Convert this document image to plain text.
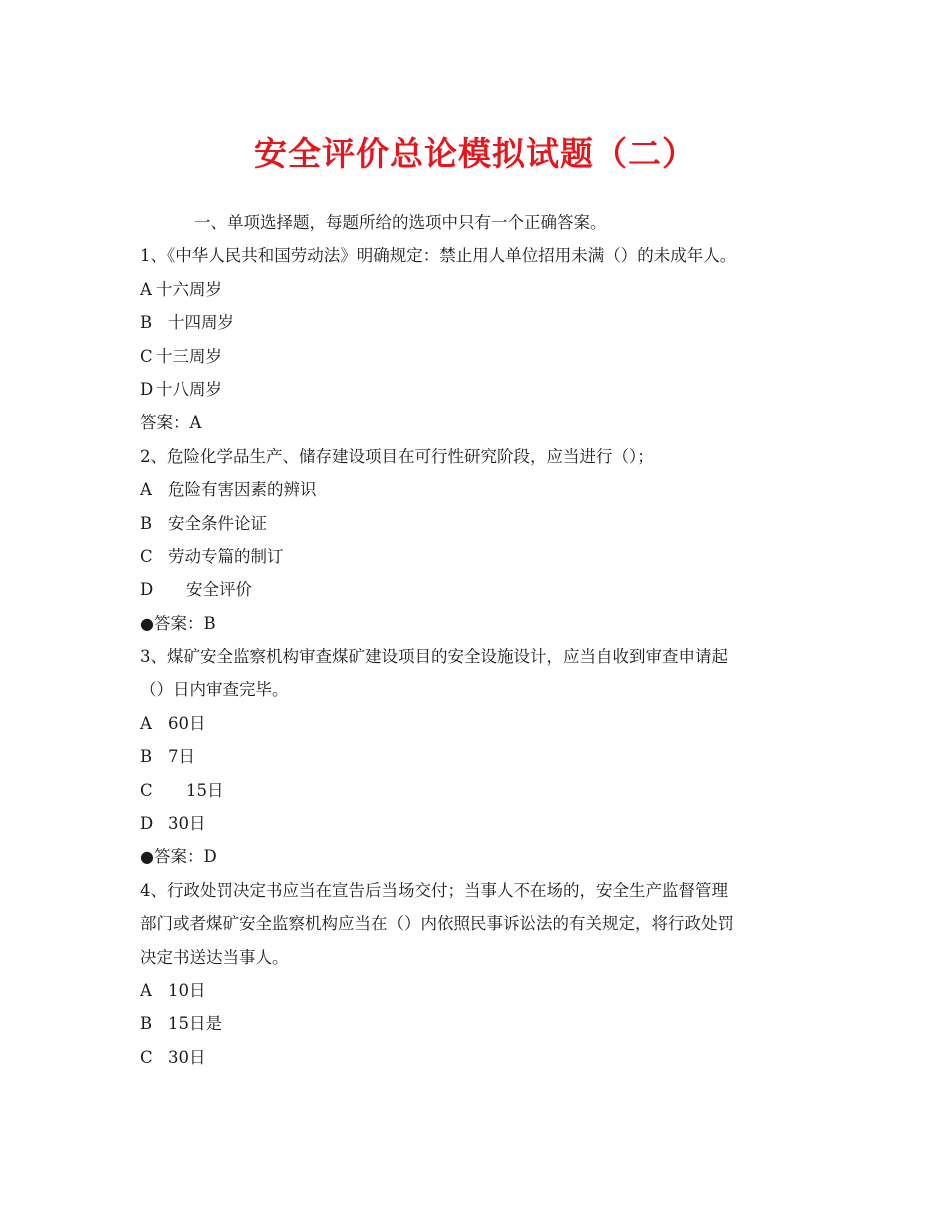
安全评价总论模拟试题（二）
一、单项选择题，每题所给的选项中只有一个正确答案。
1、《中华人民共和国劳动法》明确规定：禁止用人单位招用未满（）的未成年人。
A 十六周岁
B 十四周岁
C 十三周岁
D 十八周岁
答案：A
2、危险化学品生产、储存建设项目在可行性研究阶段，应当进行（）；
A 危险有害因素的辨识
B 安全条件论证
C 劳动专篇的制订
D 安全评价
●答案：B
3、煤矿安全监察机构审查煤矿建设项目的安全设施设计，应当自收到审查申请起
（）日内审查完毕。
A 60日
B 7日
C 15日
D 30日
●答案：D
4、行政处罚决定书应当在宣告后当场交付；当事人不在场的，安全生产监督管理
部门或者煤矿安全监察机构应当在（）内依照民事诉讼法的有关规定，将行政处罚
决定书送达当事人。
A 10日
B 15日是
C 30日
